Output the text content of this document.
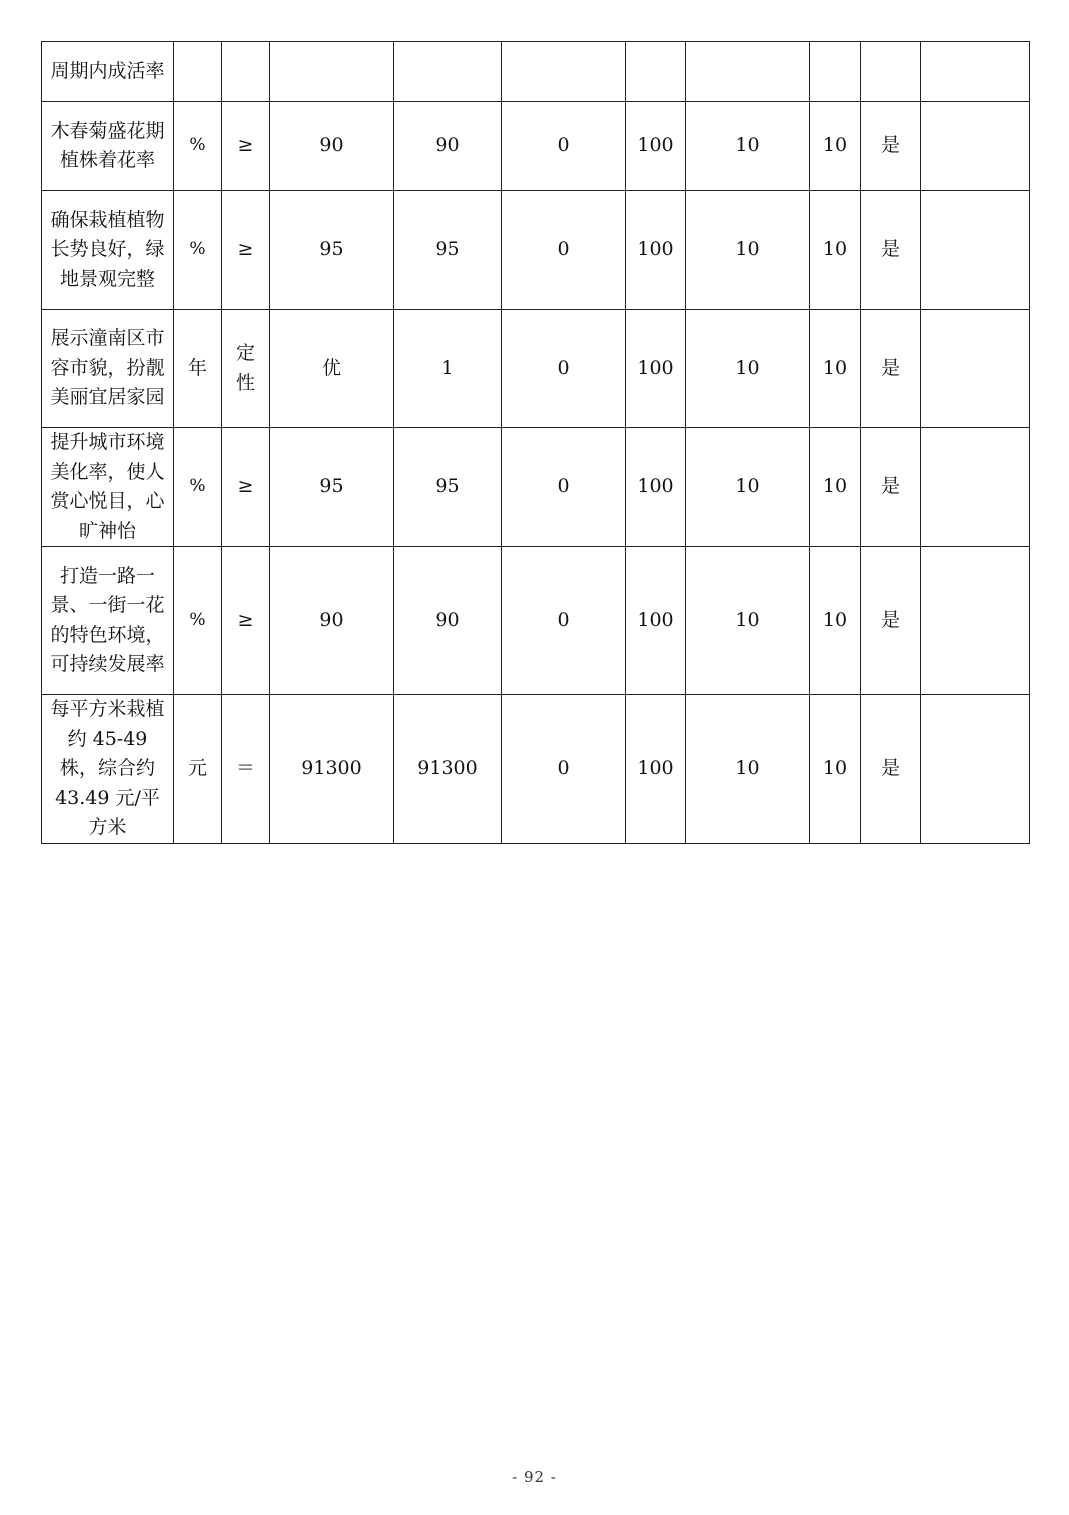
周期内成活率										
木春菊盛花期植株着花率	%	≥	90	90	0	100	10	10	是	
确保栽植植物长势良好，绿地景观完整	%	≥	95	95	0	100	10	10	是	
展示潼南区市容市貌，扮靓美丽宜居家园	年	定性	优	1	0	100	10	10	是	
提升城市环境美化率，使人赏心悦目，心旷神怡	%	≥	95	95	0	100	10	10	是	
打造一路一景、一街一花的特色环境，可持续发展率	%	≥	90	90	0	100	10	10	是	
每平方米栽植约 45-49 株，综合约 43.49 元/平方米	元	＝	91300	91300	0	100	10	10	是	
- 92 -
